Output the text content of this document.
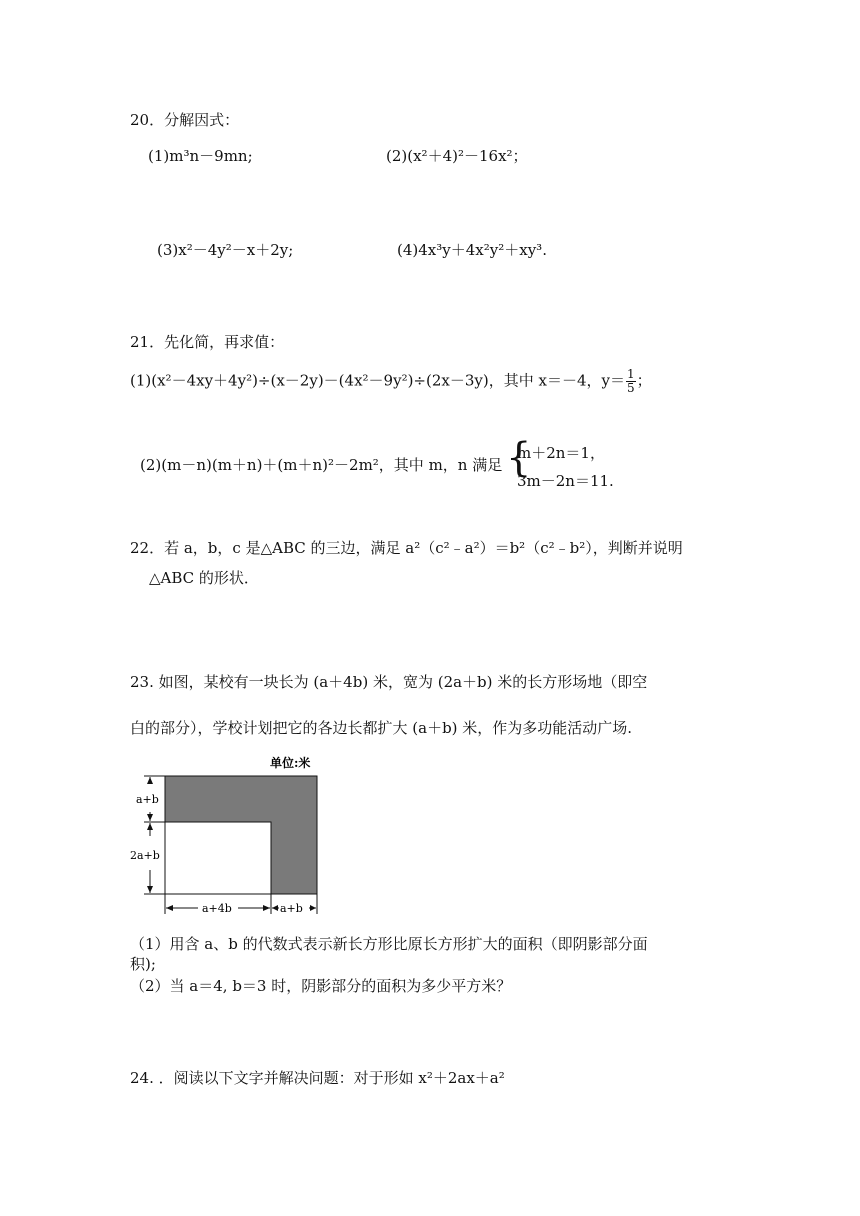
20．分解因式：
(1)m³n－9mn;	(2)(x²＋4)²－16x²；
(3)x²－4y²－x＋2y;	(4)4x³y＋4x²y²＋xy³.
21．先化简，再求值：
(1)(x²－4xy＋4y²)÷(x－2y)－(4x²－9y²)÷(2x－3y)，其中 x＝－4，$y= \frac{1}{5}$ ；
(2)(m－n)(m＋n)＋(m＋n)²－2m²，其中 m，n 满足 {
m＋2n＝1，
3m－2n＝11.
22．若 a，b，c 是△ABC 的三边，满足 a²（c²﹣a²）＝b²（c²﹣b²），判断并说明
△ABC 的形状．
23. 如图，某校有一块长为 (a＋4b) 米，宽为 (2a＋b) 米的长方形场地（即空
白的部分），学校计划把它的各边长都扩大 (a＋b) 米，作为多功能活动广场.
单位:米
a+b
2a+b
a+4b	a+b
（1）用含 a、b 的代数式表示新长方形比原长方形扩大的面积（即阴影部分面
积);
（2）当 a＝4, b＝3 时，阴影部分的面积为多少平方米？
24. ．阅读以下文字并解决问题：对于形如 x²＋2ax＋a²
